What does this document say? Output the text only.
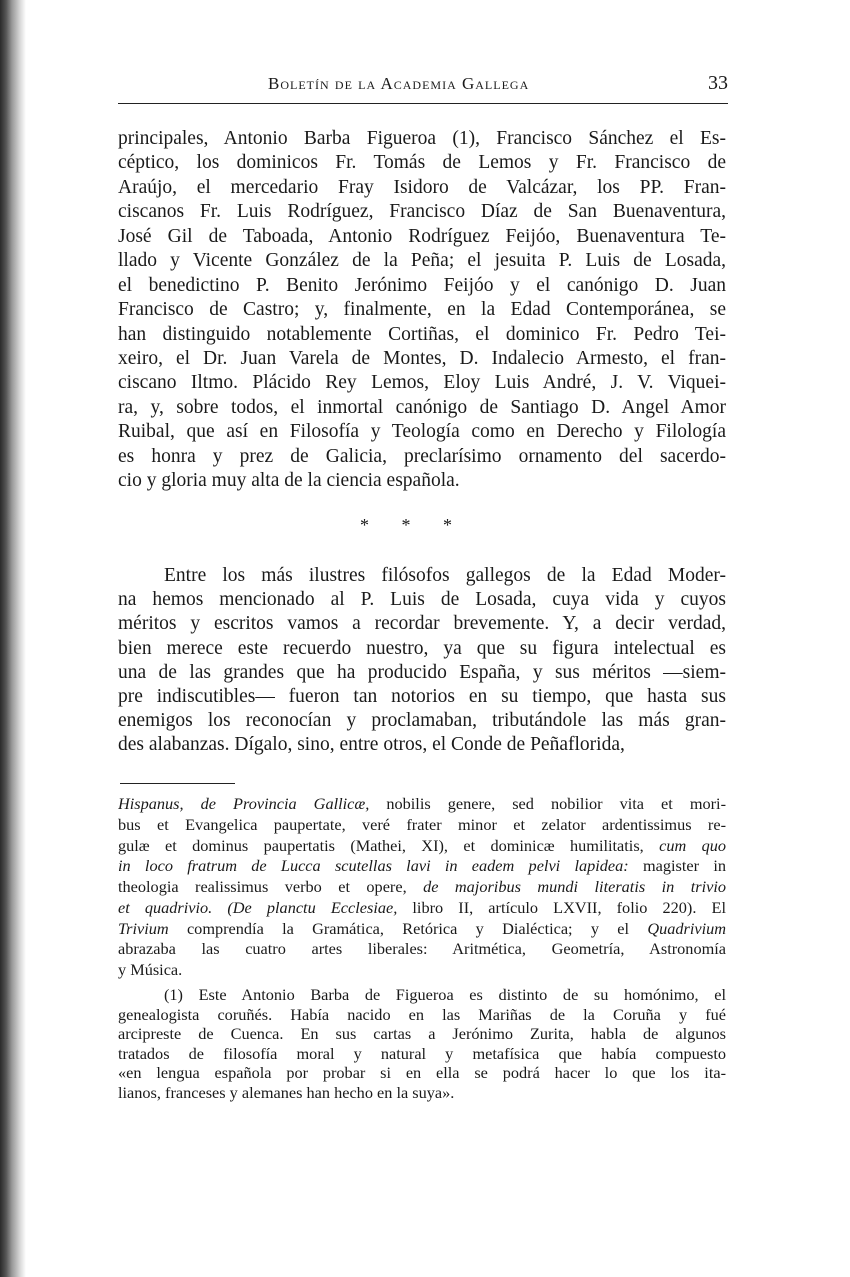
Boletín de la Academia Gallega	33
principales, Antonio Barba Figueroa (1), Francisco Sánchez el Es-
céptico, los dominicos Fr. Tomás de Lemos y Fr. Francisco de
Araújo, el mercedario Fray Isidoro de Valcázar, los PP. Fran-
ciscanos Fr. Luis Rodríguez, Francisco Díaz de San Buenaventura,
José Gil de Taboada, Antonio Rodríguez Feijóo, Buenaventura Te-
llado y Vicente González de la Peña; el jesuita P. Luis de Losada,
el benedictino P. Benito Jerónimo Feijóo y el canónigo D. Juan
Francisco de Castro; y, finalmente, en la Edad Contemporánea, se
han distinguido notablemente Cortiñas, el dominico Fr. Pedro Tei-
xeiro, el Dr. Juan Varela de Montes, D. Indalecio Armesto, el fran-
ciscano Iltmo. Plácido Rey Lemos, Eloy Luis André, J. V. Viquei-
ra, y, sobre todos, el inmortal canónigo de Santiago D. Angel Amor
Ruibal, que así en Filosofía y Teología como en Derecho y Filología
es honra y prez de Galicia, preclarísimo ornamento del sacerdo-
cio y gloria muy alta de la ciencia española.
* * *
Entre los más ilustres filósofos gallegos de la Edad Moder-
na hemos mencionado al P. Luis de Losada, cuya vida y cuyos
méritos y escritos vamos a recordar brevemente. Y, a decir verdad,
bien merece este recuerdo nuestro, ya que su figura intelectual es
una de las grandes que ha producido España, y sus méritos —siem-
pre indiscutibles— fueron tan notorios en su tiempo, que hasta sus
enemigos los reconocían y proclamaban, tributándole las más gran-
des alabanzas. Dígalo, sino, entre otros, el Conde de Peñaflorida,
Hispanus, de Provincia Gallicæ, nobilis genere, sed nobilior vita et mori-
bus et Evangelica paupertate, veré frater minor et zelator ardentissimus re-
gulæ et dominus paupertatis (Mathei, XI), et dominicæ humilitatis, cum quo
in loco fratrum de Lucca scutellas lavi in eadem pelvi lapidea: magister in
theologia realissimus verbo et opere, de majoribus mundi literatis in trivio
et quadrivio. (De planctu Ecclesiae, libro II, artículo LXVII, folio 220). El
Trivium comprendía la Gramática, Retórica y Dialéctica; y el Quadrivium
abrazaba las cuatro artes liberales: Aritmética, Geometría, Astronomía
y Música.
(1) Este Antonio Barba de Figueroa es distinto de su homónimo, el
genealogista coruñés. Había nacido en las Mariñas de la Coruña y fué
arcipreste de Cuenca. En sus cartas a Jerónimo Zurita, habla de algunos
tratados de filosofía moral y natural y metafísica que había compuesto
«en lengua española por probar si en ella se podrá hacer lo que los ita-
lianos, franceses y alemanes han hecho en la suya».
